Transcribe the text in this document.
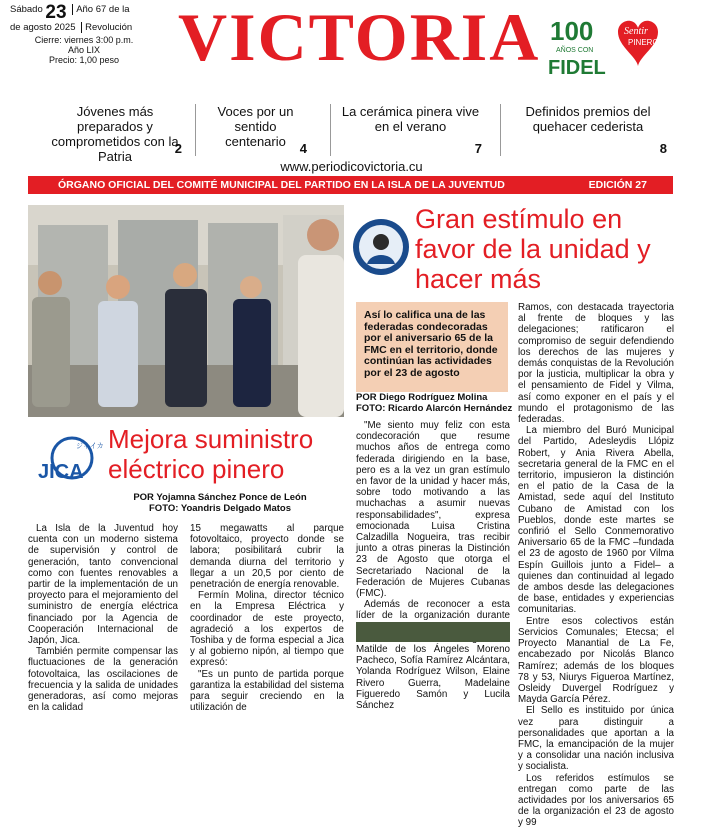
Sábado 23 Año 67 de la
de agosto 2025 Revolución
Cierre: viernes 3:00 p.m.
Año LIX
Precio: 1,00 peso VICTORIA 100
AÑOS CON
FIDEL
Sentir
PINERO
Jóvenes más preparados y comprometidos con la Patria
2
Voces por un sentido centenario	4
La cerámica pinera vive en el verano
7
Definidos premios del quehacer cederista
8
www.periodicovictoria.cu
ÓRGANO OFICIAL DEL COMITÉ MUNICIPAL DEL PARTIDO EN LA ISLA DE LA JUVENTUD	EDICIÓN 27
Gran estímulo en favor de la unidad y hacer más
Así lo califica una de las federadas condecoradas por el aniversario 65 de la FMC en el territorio, donde continúan las actividades por el 23 de agosto
POR Diego Rodríguez Molina
FOTO: Ricardo Alarcón Hernández

"Me siento muy feliz con esta condecoración que resume muchos años de entrega como federada dirigiendo en la base, pero es a la vez un gran estímulo en favor de la unidad y hacer más, sobre todo motivando a las muchachas a asumir nuevas responsabilidades", expresa emocionada Luisa Cristina Calzadilla Nogueira, tras recibir junto a otras pineras la Distinción 23 de Agosto que otorga el Secretariado Nacional de la Federación de Mujeres Cubanas (FMC).

Además de reconocer a esta líder de la organización durante Matilde de los Ángeles Moreno Pacheco, Sofía Ramírez Alcántara, Yolanda Rodríguez Wilson, Elaine Rivero Guerra, Madelaine Figueredo Samón y Lucila Sánchez

Ramos, con destacada trayectoria al frente de bloques y las delegaciones; ratificaron el compromiso de seguir defendiendo los derechos de las mujeres y demás conquistas de la Revolución por la justicia, multiplicar la obra y el pensamiento de Fidel y Vilma, así como exponer en el país y el mundo el protagonismo de las federadas.

La miembro del Buró Municipal del Partido, Adesleydis Llópiz Robert, y Ania Rivera Abella, secretaria general de la FMC en el territorio, impusieron la distinción en el patio de la Casa de la Amistad, sede aquí del Instituto Cubano de Amistad con los Pueblos, donde este martes se confirió el Sello Conmemorativo Aniversario 65 de la FMC –fundada el 23 de agosto de 1960 por Vilma Espín Guillois junto a Fidel– a quienes dan continuidad al legado de ambos desde las delegaciones de base, entidades y experiencias comunitarias.

Entre esos colectivos están Servicios Comunales; Etecsa; el Proyecto Manantial de La Fe, encabezado por Nicolás Blanco Ramírez; además de los bloques 78 y 53, Niurys Figueroa Martínez, Osleidy Duvergel Rodríguez y Mayda García Pérez.

El Sello es instituido por única vez para distinguir a personalidades que aportan a la FMC, la emancipación de la mujer y a consolidar una nación inclusiva y socialista.

Los referidos estímulos se entregan como parte de las actividades por los aniversarios 65 de la organización el 23 de agosto y 99

JICA
ジャイカ Mejora suministro eléctrico pinero
POR Yojamna Sánchez Ponce de León
FOTO: Yoandris Delgado Matos

La Isla de la Juventud hoy cuenta con un moderno sistema de supervisión y control de generación, tanto convencional como con fuentes renovables a partir de la implementación de un proyecto para el mejoramiento del suministro de energía eléctrica financiado por la Agencia de Cooperación Internacional de Japón, Jica.

También permite compensar las fluctuaciones de la generación fotovoltaica, las oscilaciones de frecuencia y la salida de unidades generadoras, así como mejoras en la calidad

15 megawatts al parque fotovoltaico, proyecto donde se labora; posibilitará cubrir la demanda diurna del territorio y llegar a un 20,5 por ciento de penetración de energía renovable.

Fermín Molina, director técnico en la Empresa Eléctrica y coordinador de este proyecto, agradeció a los expertos de Toshiba y de forma especial a Jica y al gobierno nipón, al tiempo que expresó:

"Es un punto de partida porque garantiza la estabilidad del sistema para seguir creciendo en la utilización de
